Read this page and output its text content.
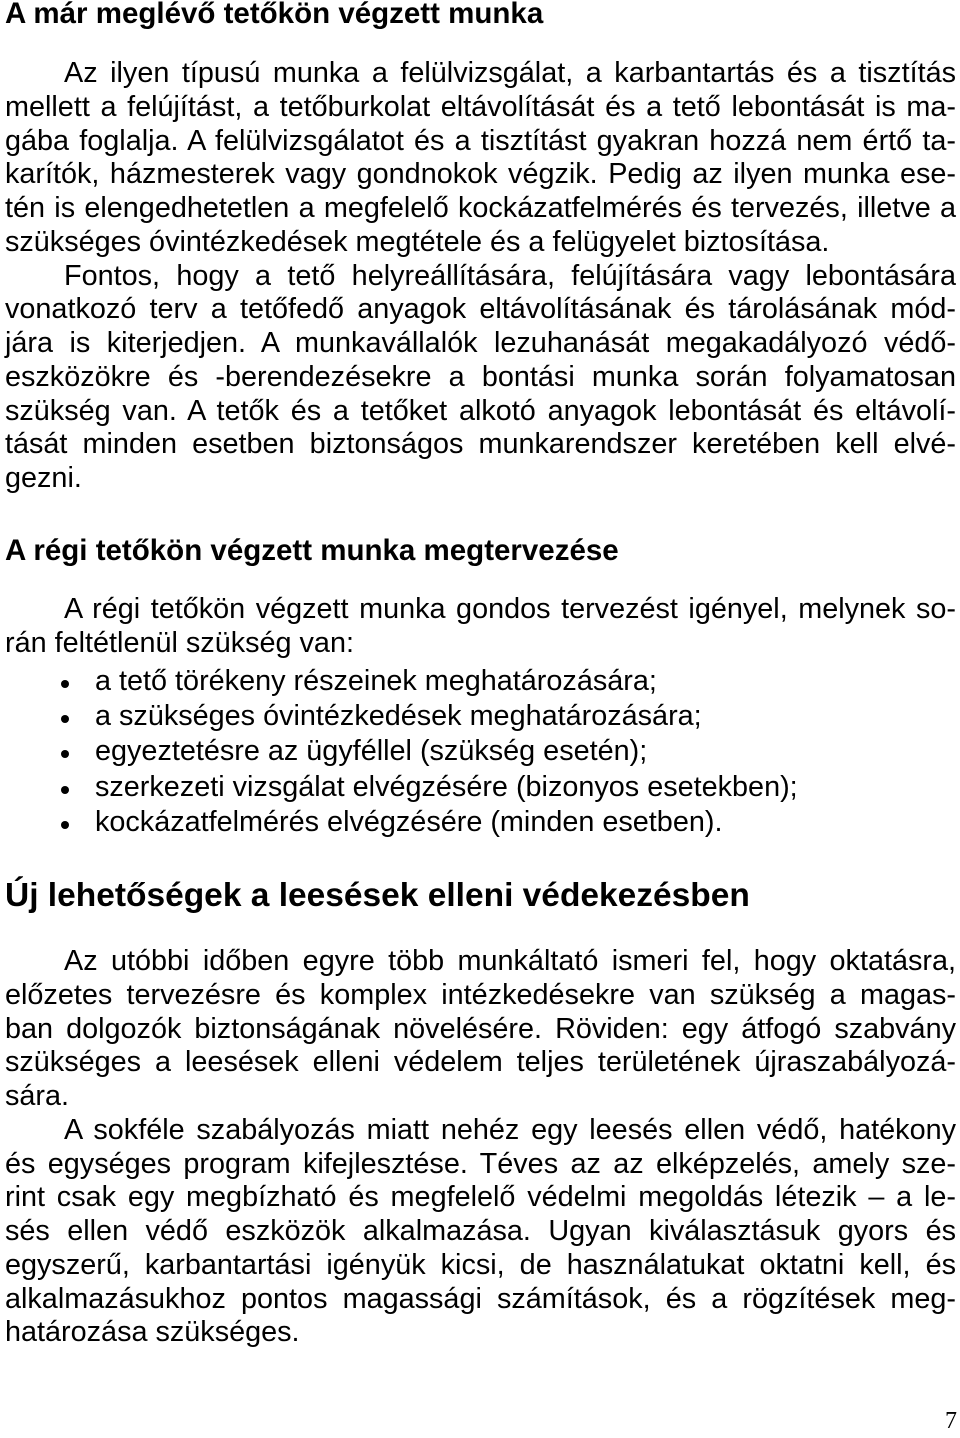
A már meglévő tetőkön végzett munka
Az ilyen típusú munka a felülvizsgálat, a karbantartás és a tisztítás
mellett a felújítást, a tetőburkolat eltávolítását és a tető lebontását is ma-
gába foglalja. A felülvizsgálatot és a tisztítást gyakran hozzá nem értő ta-
karítók, házmesterek vagy gondnokok végzik. Pedig az ilyen munka ese-
tén is elengedhetetlen a megfelelő kockázatfelmérés és tervezés, illetve a
szükséges óvintézkedések megtétele és a felügyelet biztosítása.
Fontos, hogy a tető helyreállítására, felújítására vagy lebontására
vonatkozó terv a tetőfedő anyagok eltávolításának és tárolásának mód-
jára is kiterjedjen. A munkavállalók lezuhanását megakadályozó védő-
eszközökre és -berendezésekre a bontási munka során folyamatosan
szükség van. A tetők és a tetőket alkotó anyagok lebontását és eltávolí-
tását minden esetben biztonságos munkarendszer keretében kell elvé-
gezni.
A régi tetőkön végzett munka megtervezése
A régi tetőkön végzett munka gondos tervezést igényel, melynek so-
rán feltétlenül szükség van:
a tető törékeny részeinek meghatározására;
a szükséges óvintézkedések meghatározására;
egyeztetésre az ügyféllel (szükség esetén);
szerkezeti vizsgálat elvégzésére (bizonyos esetekben);
kockázatfelmérés elvégzésére (minden esetben).
Új lehetőségek a leesések elleni védekezésben
Az utóbbi időben egyre több munkáltató ismeri fel, hogy oktatásra,
előzetes tervezésre és komplex intézkedésekre van szükség a magas-
ban dolgozók biztonságának növelésére. Röviden: egy átfogó szabvány
szükséges a leesések elleni védelem teljes területének újraszabályozá-
sára.
A sokféle szabályozás miatt nehéz egy leesés ellen védő, hatékony
és egységes program kifejlesztése. Téves az az elképzelés, amely sze-
rint csak egy megbízható és megfelelő védelmi megoldás létezik – a le-
sés ellen védő eszközök alkalmazása. Ugyan kiválasztásuk gyors és
egyszerű, karbantartási igényük kicsi, de használatukat oktatni kell, és
alkalmazásukhoz pontos magassági számítások, és a rögzítések meg-
határozása szükséges.
7
